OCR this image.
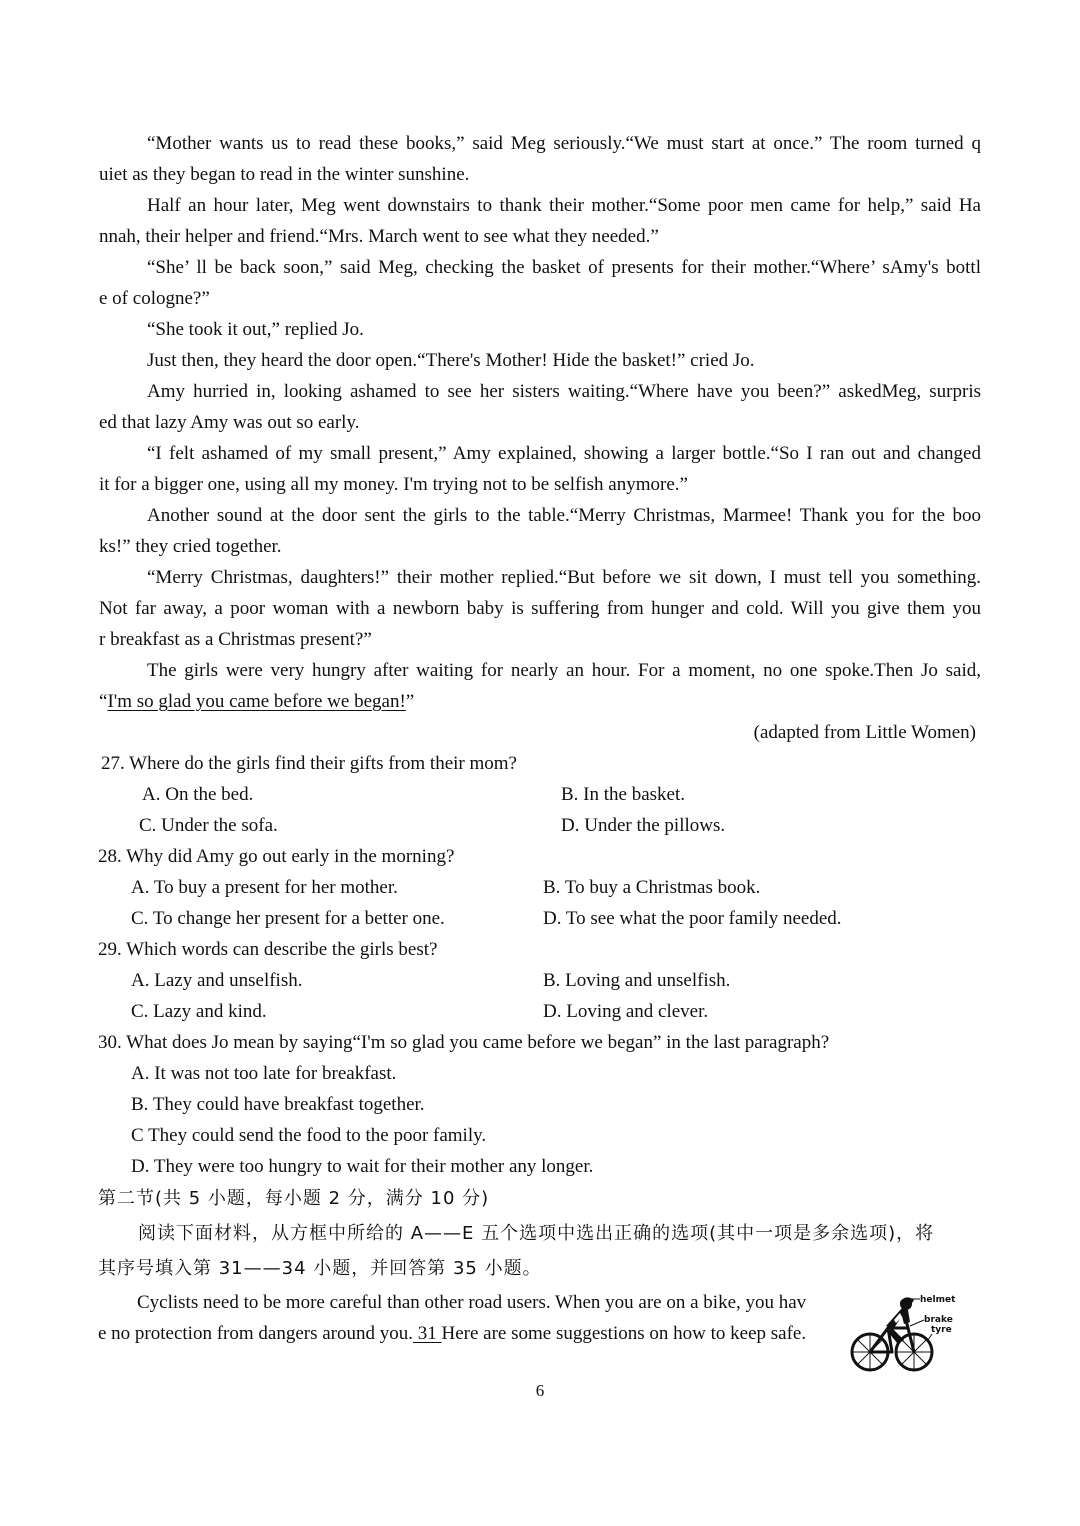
“Mother wants us to read these books,” said Meg seriously.“We must start at once.” The room turned q
uiet as they began to read in the winter sunshine.
Half an hour later, Meg went downstairs to thank their mother.“Some poor men came for help,” said Ha
nnah, their helper and friend.“Mrs. March went to see what they needed.”
“She’ ll be back soon,” said Meg, checking the basket of presents for their mother.“Where’ sAmy's bottl
e of cologne?”
“She took it out,” replied Jo.
Just then, they heard the door open.“There's Mother! Hide the basket!” cried Jo.
Amy hurried in, looking ashamed to see her sisters waiting.“Where have you been?” askedMeg, surpris
ed that lazy Amy was out so early.
“I felt ashamed of my small present,” Amy explained, showing a larger bottle.“So I ran out and changed
it for a bigger one, using all my money. I'm trying not to be selfish anymore.”
Another sound at the door sent the girls to the table.“Merry Christmas, Marmee! Thank you for the boo
ks!” they cried together.
“Merry Christmas, daughters!” their mother replied.“But before we sit down, I must tell you something.
Not far away, a poor woman with a newborn baby is suffering from hunger and cold. Will you give them you
r breakfast as a Christmas present?”
The girls were very hungry after waiting for nearly an hour. For a moment, no one spoke.Then Jo said,
“I'm so glad you came before we began!”
(adapted from Little Women)
27. Where do the girls find their gifts from their mom?
A. On the bed.	B. In the basket.
C. Under the sofa.	D. Under the pillows.
28. Why did Amy go out early in the morning?
A. To buy a present for her mother.	B. To buy a Christmas book.
C. To change her present for a better one.	D. To see what the poor family needed.
29. Which words can describe the girls best?
A. Lazy and unselfish.	B. Loving and unselfish.
C. Lazy and kind.	D. Loving and clever.
30. What does Jo mean by saying“I'm so glad you came before we began” in the last paragraph?
A. It was not too late for breakfast.
B. They could have breakfast together.
C They could send the food to the poor family.
D. They were too hungry to wait for their mother any longer.
第二节(共 5 小题，每小题 2 分，满分 10 分)
阅读下面材料，从方框中所给的 A——E 五个选项中选出正确的选项(其中一项是多余选项)，将
其序号填入第 31——34 小题，并回答第 35 小题。
Cyclists need to be more careful than other road users. When you are on a bike, you hav
e no protection from dangers around you. 31 Here are some suggestions on how to keep safe.
helmet
brake
tyre
6
